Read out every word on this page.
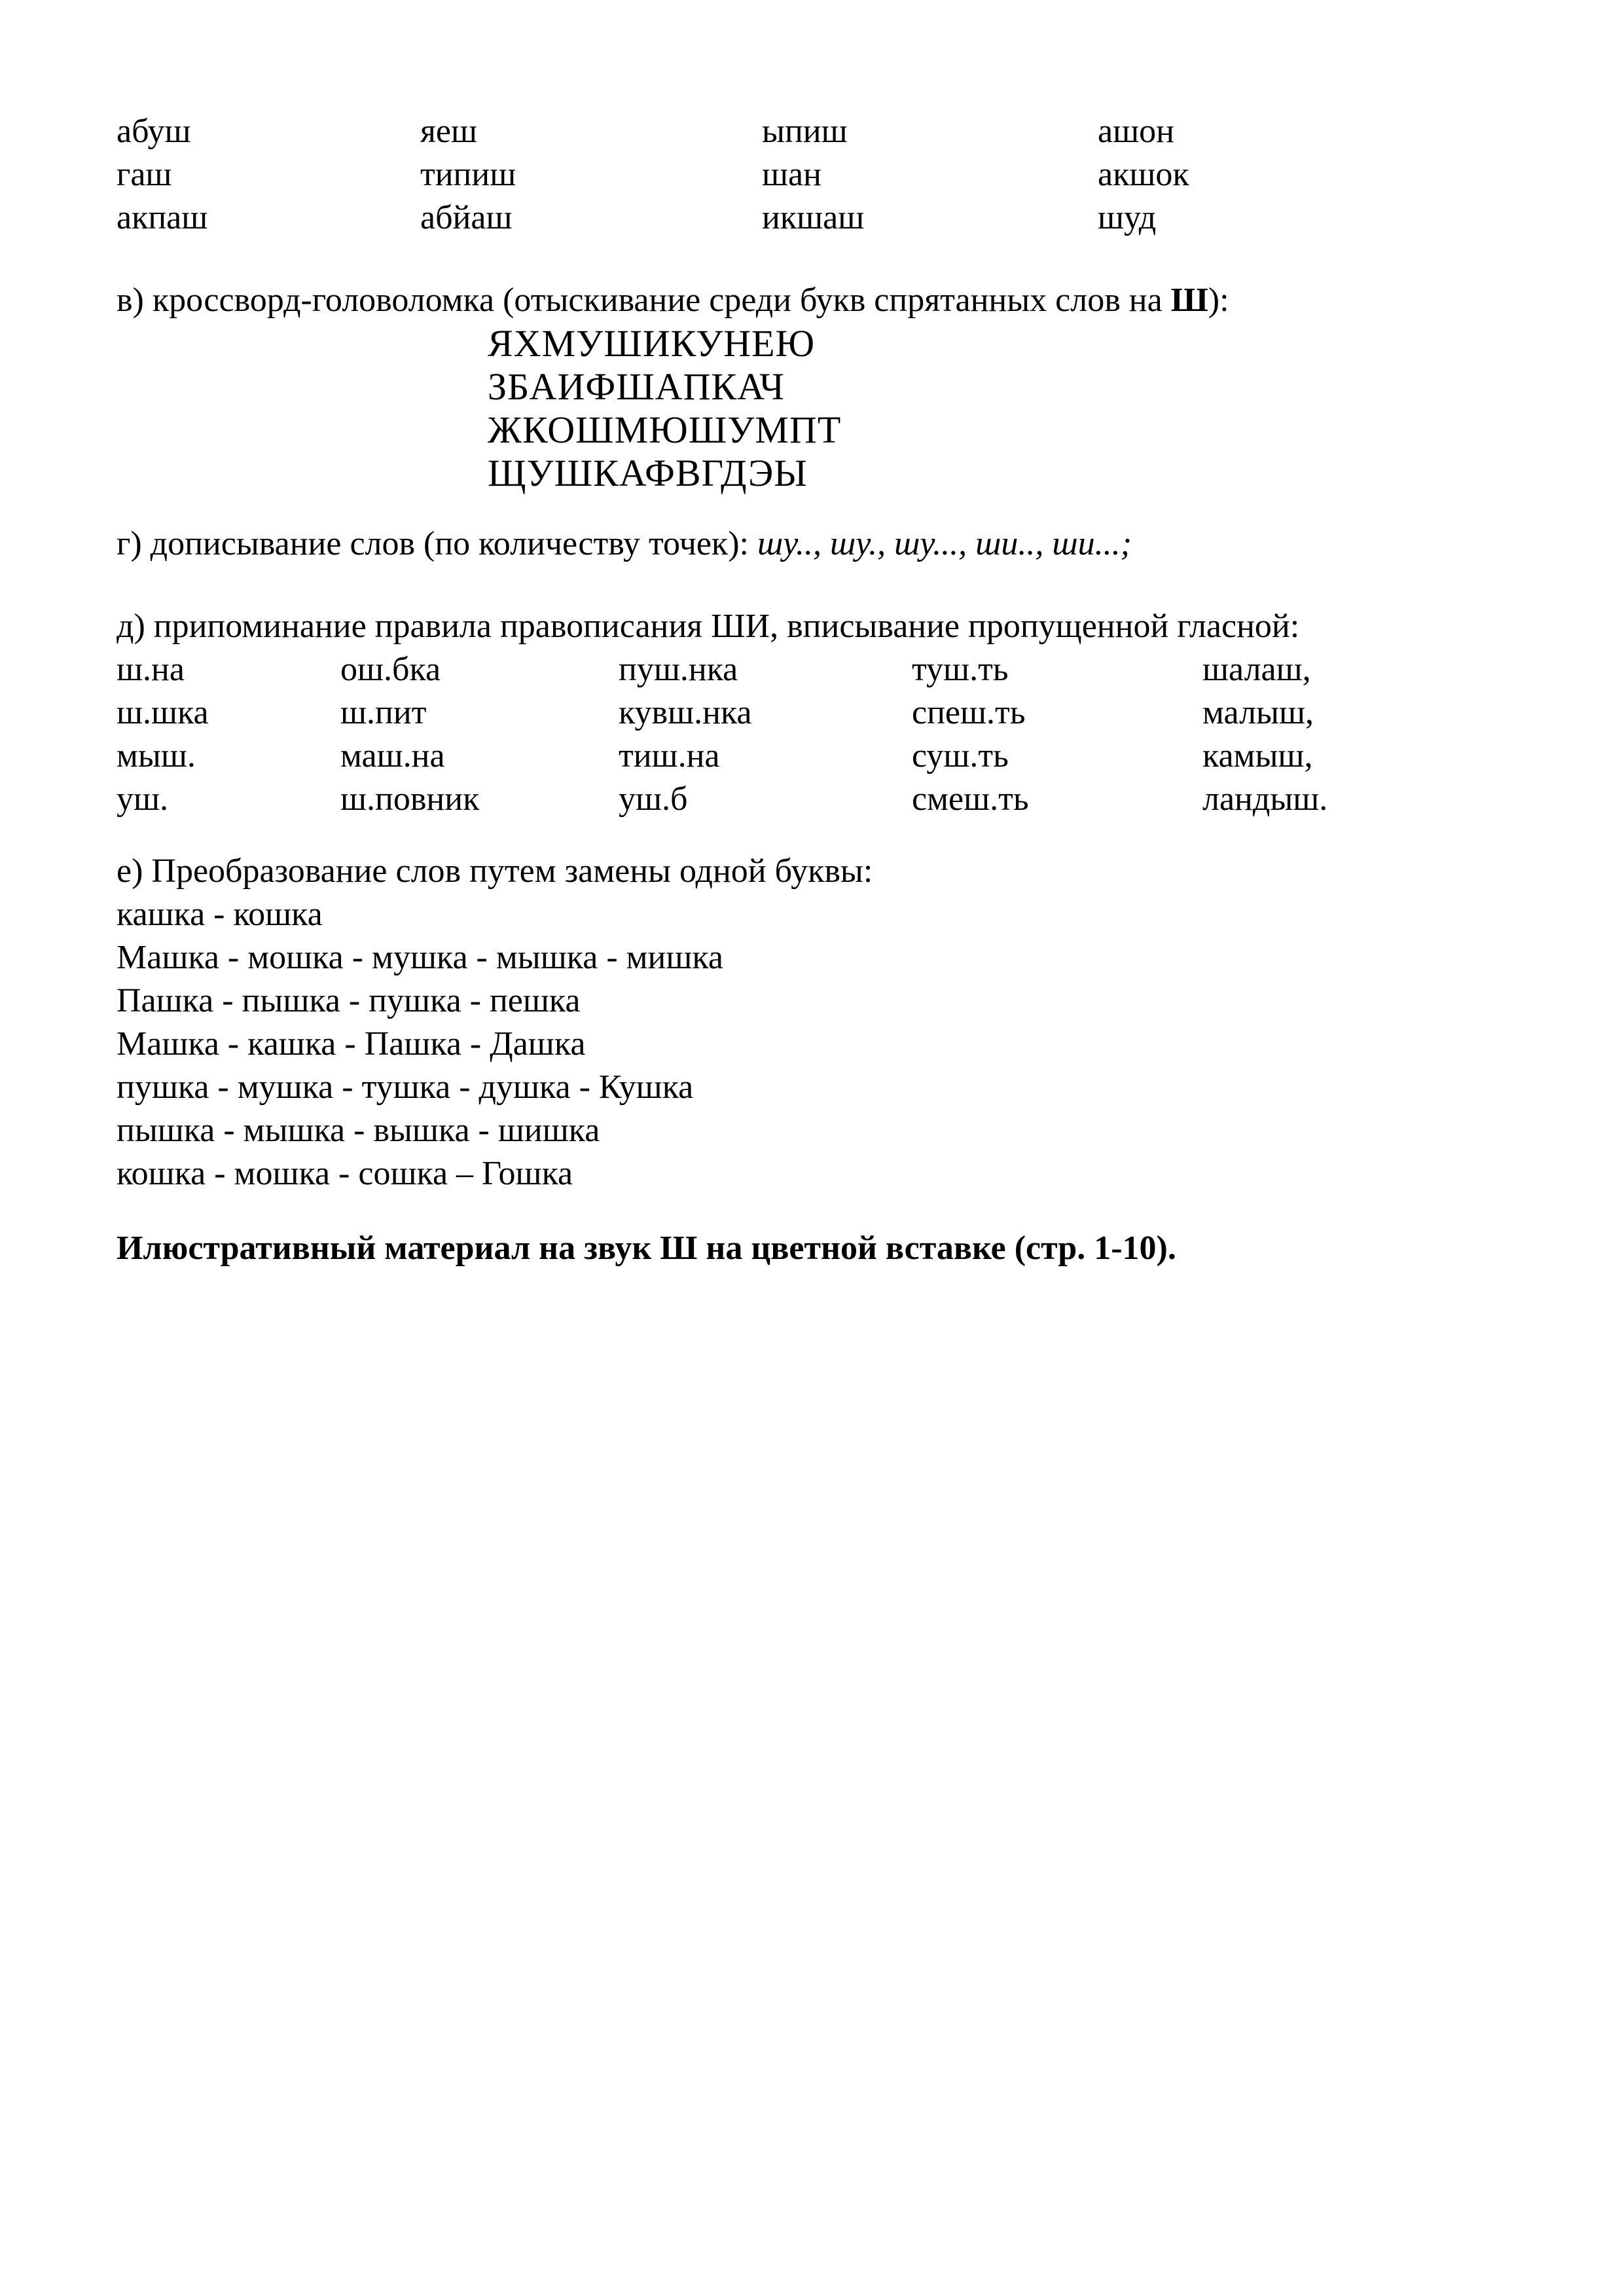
абуш	яеш	ыпиш	ашон
гаш	типиш	шан	акшок
акпаш	абйаш	икшаш	шуд

в) кроссворд-головоломка (отыскивание среди букв спрятанных слов на Ш):

ЯХМУШИКУНЕЮ
ЗБАИФШАПКАЧ
ЖКОШМЮШУМПТ
ЩУШКАФВГДЭЫ

г) дописывание слов (по количеству точек): шу.., шу., шу..., ши.., ши...;

д) припоминание правила правописания ШИ, вписывание пропущенной гласной:

ш.на	ош.бка	пуш.нка	туш.ть	шалаш,
ш.шка	ш.пит	кувш.нка	спеш.ть	малыш,
мыш.	маш.на	тиш.на	суш.ть	камыш,
уш.	ш.повник	уш.б	смеш.ть	ландыш.

е) Преобразование слов путем замены одной буквы:

кашка - кошка

Машка - мошка - мушка - мышка - мишка

Пашка - пышка - пушка - пешка

Машка - кашка - Пашка - Дашка

пушка - мушка - тушка - душка - Кушка

пышка - мышка - вышка - шишка

кошка - мошка - сошка – Гошка

Илюстративный материал на звук Ш на цветной вставке (стр. 1-10).
